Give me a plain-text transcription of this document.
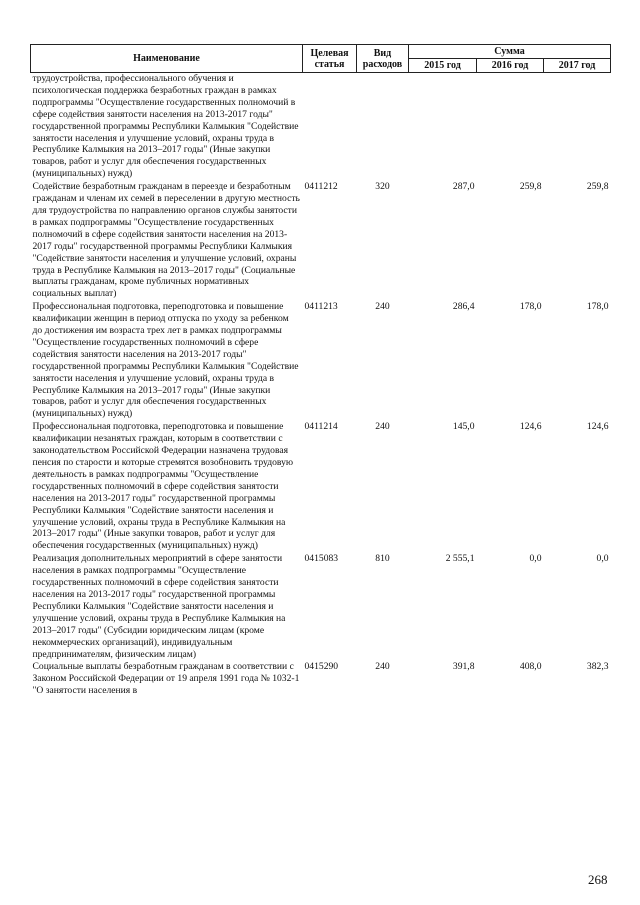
Наименование	Целевая статья	Вид расходов	Сумма		
			2015 год	2016 год	2017 год
трудоустройства, профессионального обучения и психологическая поддержка безработных граждан в рамках подпрограммы "Осуществление государственных полномочий в сфере содействия занятости населения на 2013-2017 годы" государственной программы Республики Калмыкия "Содействие занятости населения и улучшение условий, охраны труда в Республике Калмыкия на 2013–2017 годы" (Иные закупки товаров, работ и услуг для обеспечения государственных (муниципальных) нужд)					
Содействие безработным гражданам в переезде и безработным гражданам и членам их семей в переселении в другую местность для трудоустройства по направлению органов службы занятости в рамках подпрограммы "Осуществление государственных полномочий в сфере содействия занятости населения на 2013-2017 годы" государственной программы Республики Калмыкия "Содействие занятости населения и улучшение условий, охраны труда в Республике Калмыкия на 2013–2017 годы" (Социальные выплаты гражданам, кроме публичных нормативных социальных выплат)	0411212	320	287,0	259,8	259,8
Профессиональная подготовка, переподготовка и повышение квалификации женщин в период отпуска по уходу за ребенком до достижения им возраста трех лет в рамках подпрограммы "Осуществление государственных полномочий в сфере содействия занятости населения на 2013-2017 годы" государственной программы Республики Калмыкия "Содействие занятости населения и улучшение условий, охраны труда в Республике Калмыкия на 2013–2017 годы" (Иные закупки товаров, работ и услуг для обеспечения государственных (муниципальных) нужд)	0411213	240	286,4	178,0	178,0
Профессиональная подготовка, переподготовка и повышение квалификации незанятых граждан, которым в соответствии с законодательством Российской Федерации назначена трудовая пенсия по старости и которые стремятся возобновить трудовую деятельность в рамках подпрограммы "Осуществление государственных полномочий в сфере содействия занятости населения на 2013-2017 годы" государственной программы Республики Калмыкия "Содействие занятости населения и улучшение условий, охраны труда в Республике Калмыкия на 2013–2017 годы" (Иные закупки товаров, работ и услуг для обеспечения государственных (муниципальных) нужд)	0411214	240	145,0	124,6	124,6
Реализация дополнительных мероприятий в сфере занятости населения в рамках подпрограммы "Осуществление государственных полномочий в сфере содействия занятости населения на 2013-2017 годы" государственной программы Республики Калмыкия "Содействие занятости населения и улучшение условий, охраны труда в Республике Калмыкия на 2013–2017 годы" (Субсидии юридическим лицам (кроме некоммерческих организаций), индивидуальным предпринимателям, физическим лицам)	0415083	810	2 555,1	0,0	0,0
Социальные выплаты безработным гражданам в соответствии с Законом Российской Федерации от 19 апреля 1991 года № 1032-1 "О занятости населения в	0415290	240	391,8	408,0	382,3
268
